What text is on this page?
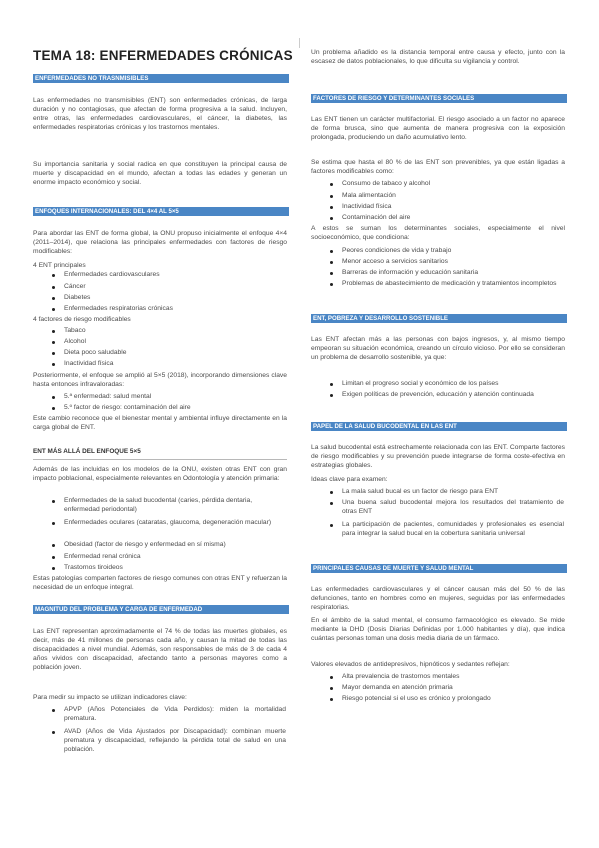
TEMA 18: ENFERMEDADES CRÓNICAS
ENFERMEDADES NO TRASNMISIBLES
Las enfermedades no transmisibles (ENT) son enfermedades crónicas, de larga duración y no contagiosas, que afectan de forma progresiva a la salud. Incluyen, entre otras, las enfermedades cardiovasculares, el cáncer, la diabetes, las enfermedades respiratorias crónicas y los trastornos mentales.
Su importancia sanitaria y social radica en que constituyen la principal causa de muerte y discapacidad en el mundo, afectan a todas las edades y generan un enorme impacto económico y social.
ENFOQUES INTERNACIONALES: DEL 4×4 AL 5×5
Para abordar las ENT de forma global, la ONU propuso inicialmente el enfoque 4×4 (2011–2014), que relaciona las principales enfermedades con factores de riesgo modificables:
4 ENT principales
Enfermedades cardiovasculares
Cáncer
Diabetes
Enfermedades respiratorias crónicas
4 factores de riesgo modificables
Tabaco
Alcohol
Dieta poco saludable
Inactividad física
Posteriormente, el enfoque se amplió al 5×5 (2018), incorporando dimensiones clave hasta entonces infravaloradas:
5.ª enfermedad: salud mental
5.º factor de riesgo: contaminación del aire
Este cambio reconoce que el bienestar mental y ambiental influye directamente en la carga global de ENT.
ENT MÁS ALLÁ DEL ENFOQUE 5×5
Además de las incluidas en los modelos de la ONU, existen otras ENT con gran impacto poblacional, especialmente relevantes en Odontología y atención primaria:
Enfermedades de la salud bucodental (caries, pérdida dentaria, enfermedad periodontal)
Enfermedades oculares (cataratas, glaucoma, degeneración macular)
Obesidad (factor de riesgo y enfermedad en sí misma)
Enfermedad renal crónica
Trastornos tiroideos
Estas patologías comparten factores de riesgo comunes con otras ENT y refuerzan la necesidad de un enfoque integral.
MAGNITUD DEL PROBLEMA Y CARGA DE ENFERMEDAD
Las ENT representan aproximadamente el 74 % de todas las muertes globales, es decir, más de 41 millones de personas cada año, y causan la mitad de todas las discapacidades a nivel mundial. Además, son responsables de más de 3 de cada 4 años vividos con discapacidad, afectando tanto a personas mayores como a población joven.
Para medir su impacto se utilizan indicadores clave:
APVP (Años Potenciales de Vida Perdidos): miden la mortalidad prematura.
AVAD (Años de Vida Ajustados por Discapacidad): combinan muerte prematura y discapacidad, reflejando la pérdida total de salud en una población.
Un problema añadido es la distancia temporal entre causa y efecto, junto con la escasez de datos poblacionales, lo que dificulta su vigilancia y control.
FACTORES DE RIESGO Y DETERMINANTES SOCIALES
Las ENT tienen un carácter multifactorial. El riesgo asociado a un factor no aparece de forma brusca, sino que aumenta de manera progresiva con la exposición prolongada, produciendo un daño acumulativo lento.
Se estima que hasta el 80 % de las ENT son prevenibles, ya que están ligadas a factores modificables como:
Consumo de tabaco y alcohol
Mala alimentación
Inactividad física
Contaminación del aire
A estos se suman los determinantes sociales, especialmente el nivel socioeconómico, que condiciona:
Peores condiciones de vida y trabajo
Menor acceso a servicios sanitarios
Barreras de información y educación sanitaria
Problemas de abastecimiento de medicación y tratamientos incompletos
ENT, POBREZA Y DESARROLLO SOSTENIBLE
Las ENT afectan más a las personas con bajos ingresos, y, al mismo tiempo empeoran su situación económica, creando un círculo vicioso. Por ello se consideran un problema de desarrollo sostenible, ya que:
Limitan el progreso social y económico de los países
Exigen políticas de prevención, educación y atención continuada
PAPEL DE LA SALUD BUCODENTAL EN LAS ENT
La salud bucodental está estrechamente relacionada con las ENT. Comparte factores de riesgo modificables y su prevención puede integrarse de forma coste-efectiva en estrategias globales.
Ideas clave para examen:
La mala salud bucal es un factor de riesgo para ENT
Una buena salud bucodental mejora los resultados del tratamiento de otras ENT
La participación de pacientes, comunidades y profesionales es esencial para integrar la salud bucal en la cobertura sanitaria universal
PRINCIPALES CAUSAS DE MUERTE Y SALUD MENTAL
Las enfermedades cardiovasculares y el cáncer causan más del 50 % de las defunciones, tanto en hombres como en mujeres, seguidas por las enfermedades respiratorias.
En el ámbito de la salud mental, el consumo farmacológico es elevado. Se mide mediante la DHD (Dosis Diarias Definidas por 1.000 habitantes y día), que indica cuántas personas toman una dosis media diaria de un fármaco.
Valores elevados de antidepresivos, hipnóticos y sedantes reflejan:
Alta prevalencia de trastornos mentales
Mayor demanda en atención primaria
Riesgo potencial si el uso es crónico y prolongado
